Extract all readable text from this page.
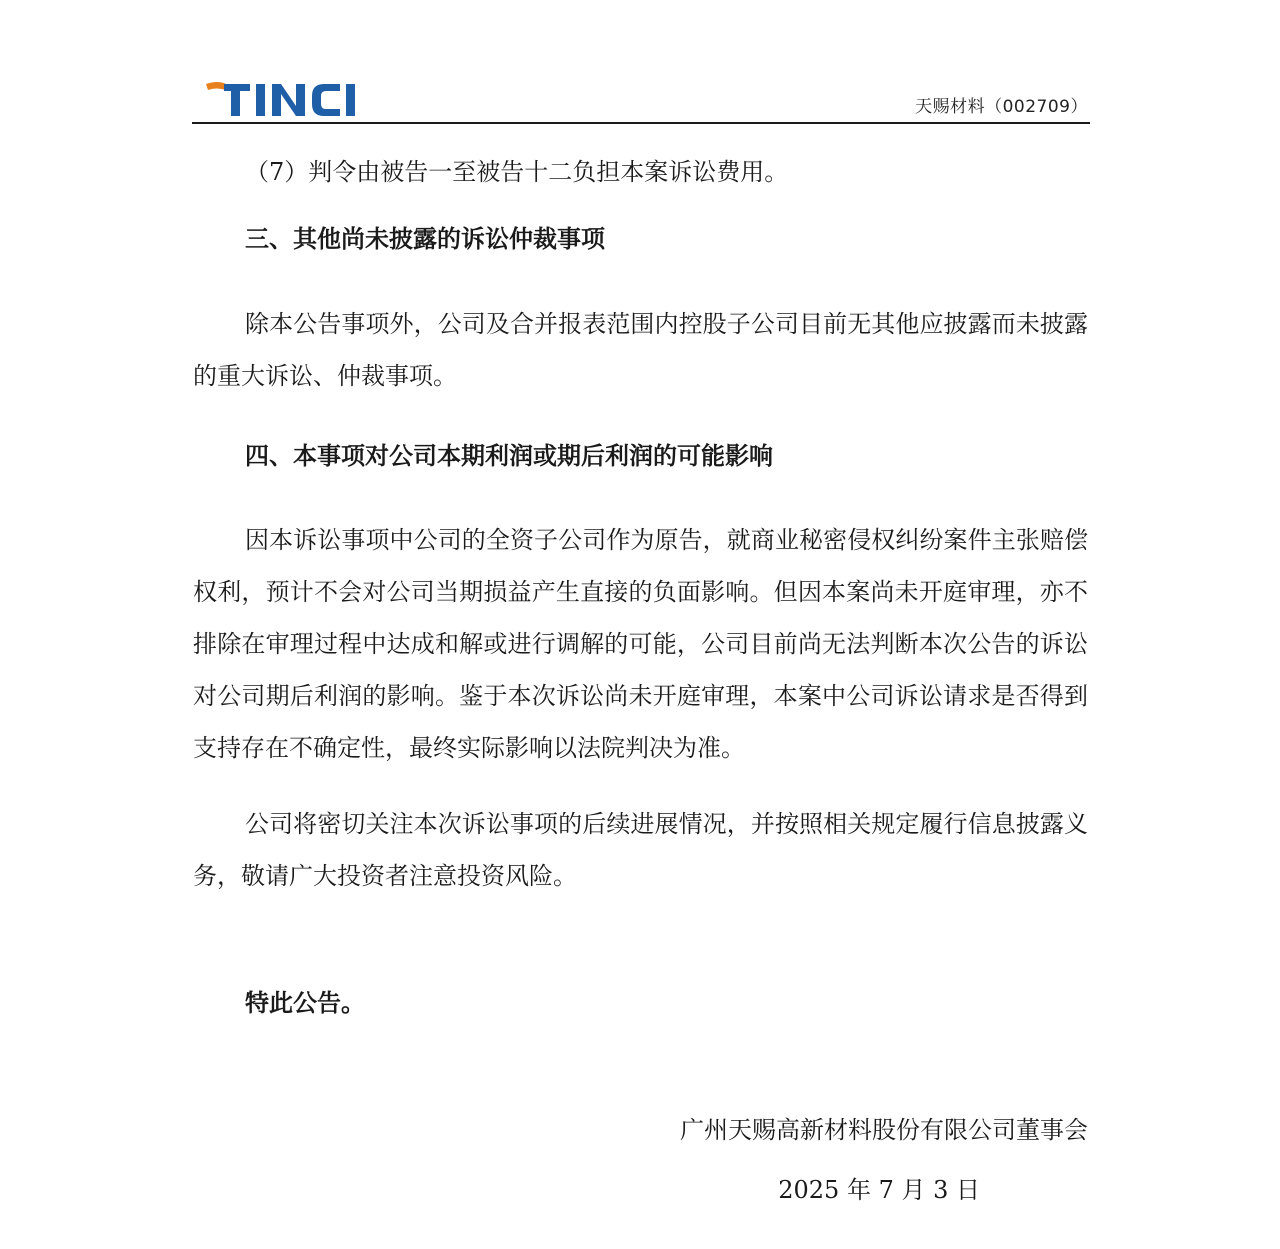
天赐材料（002709）

（7）判令由被告一至被告十二负担本案诉讼费用。

三、其他尚未披露的诉讼仲裁事项

除本公告事项外，公司及合并报表范围内控股子公司目前无其他应披露而未披露的重大诉讼、仲裁事项。

四、本事项对公司本期利润或期后利润的可能影响

因本诉讼事项中公司的全资子公司作为原告，就商业秘密侵权纠纷案件主张赔偿权利，预计不会对公司当期损益产生直接的负面影响。但因本案尚未开庭审理，亦不排除在审理过程中达成和解或进行调解的可能，公司目前尚无法判断本次公告的诉讼对公司期后利润的影响。鉴于本次诉讼尚未开庭审理，本案中公司诉讼请求是否得到支持存在不确定性，最终实际影响以法院判决为准。

公司将密切关注本次诉讼事项的后续进展情况，并按照相关规定履行信息披露义务，敬请广大投资者注意投资风险。

特此公告。

广州天赐高新材料股份有限公司董事会

2025 年 7 月 3 日
